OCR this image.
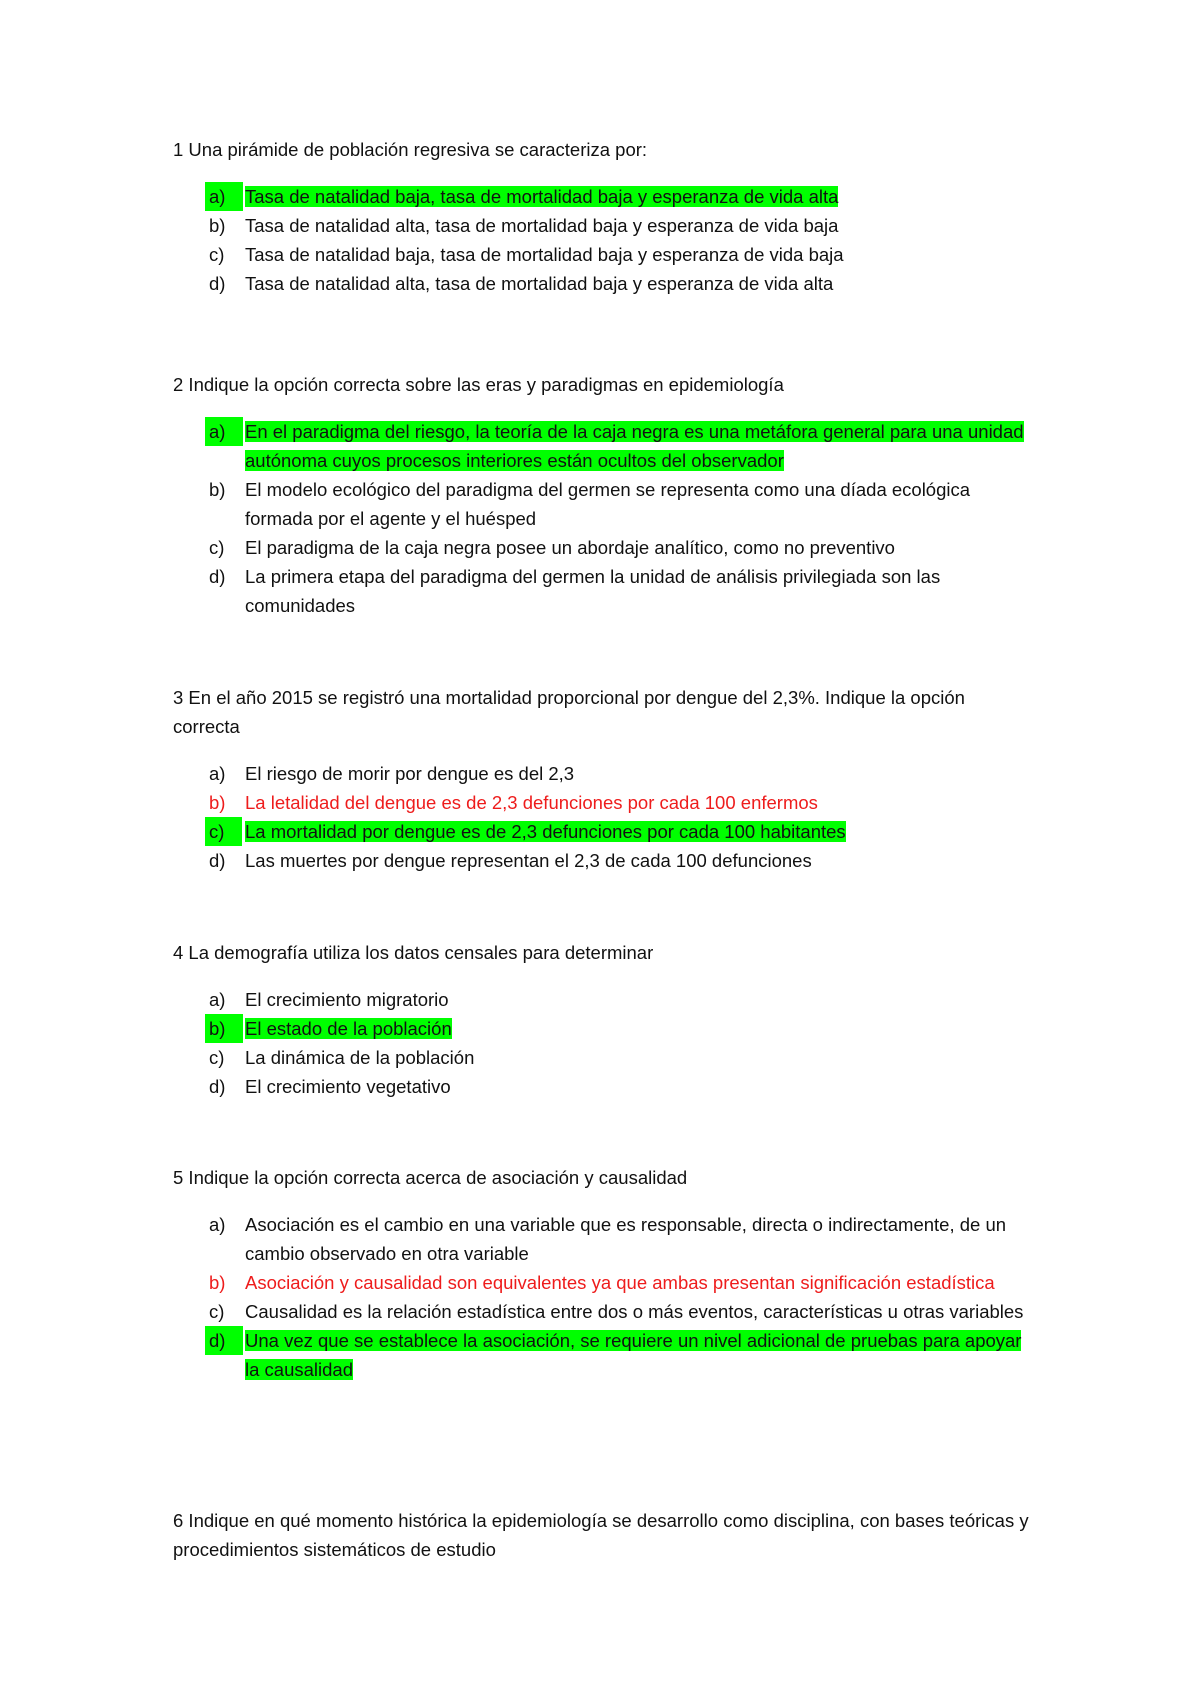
1 Una pirámide de población regresiva se caracteriza por:

a)	Tasa de natalidad baja, tasa de mortalidad baja y esperanza de vida alta
b) Tasa de natalidad alta, tasa de mortalidad baja y esperanza de vida baja
c) Tasa de natalidad baja, tasa de mortalidad baja y esperanza de vida baja
d) Tasa de natalidad alta, tasa de mortalidad baja y esperanza de vida alta

2 Indique la opción correcta sobre las eras y paradigmas en epidemiología

a)	En el paradigma del riesgo, la teoría de la caja negra es una metáfora general para una unidad autónoma cuyos procesos interiores están ocultos del observador
b) El modelo ecológico del paradigma del germen se representa como una díada ecológica formada por el agente y el huésped
c) El paradigma de la caja negra posee un abordaje analítico, como no preventivo
d) La primera etapa del paradigma del germen la unidad de análisis privilegiada son las comunidades

3 En el año 2015 se registró una mortalidad proporcional por dengue del 2,3%. Indique la opción correcta

a) El riesgo de morir por dengue es del 2,3
b) La letalidad del dengue es de 2,3 defunciones por cada 100 enfermos
c)	La mortalidad por dengue es de 2,3 defunciones por cada 100 habitantes
d) Las muertes por dengue representan el 2,3 de cada 100 defunciones

4 La demografía utiliza los datos censales para determinar

a) El crecimiento migratorio
b)	El estado de la población
c) La dinámica de la población
d) El crecimiento vegetativo

5 Indique la opción correcta acerca de asociación y causalidad

a) Asociación es el cambio en una variable que es responsable, directa o indirectamente, de un cambio observado en otra variable
b) Asociación y causalidad son equivalentes ya que ambas presentan significación estadística
c) Causalidad es la relación estadística entre dos o más eventos, características u otras variables
d)	Una vez que se establece la asociación, se requiere un nivel adicional de pruebas para apoyar la causalidad

6 Indique en qué momento histórica la epidemiología se desarrollo como disciplina, con bases teóricas y procedimientos sistemáticos de estudio
